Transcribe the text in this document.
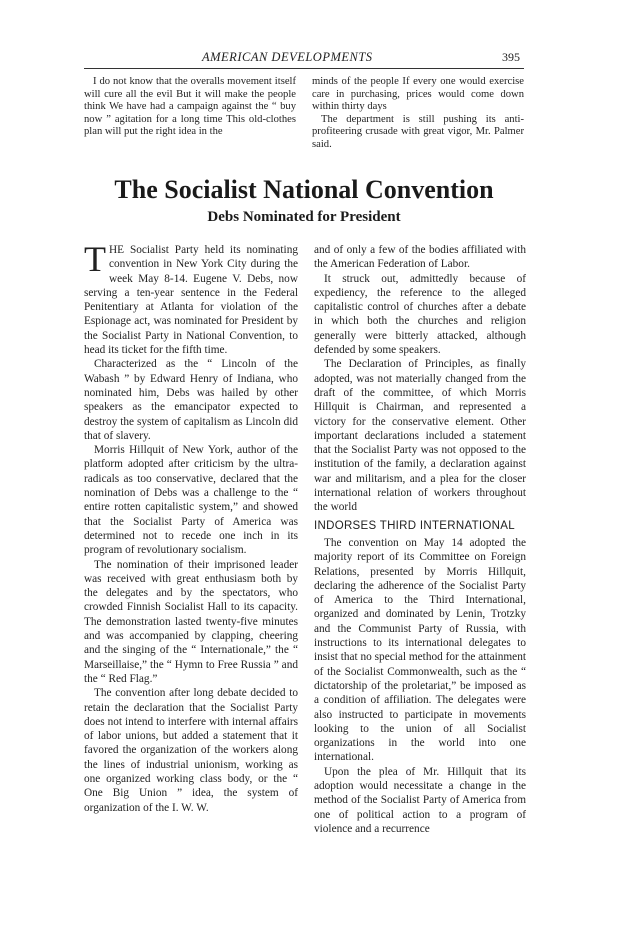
AMERICAN DEVELOPMENTS	395

I do not know that the overalls movement itself will cure all the evil But it will make the people think We have had a campaign against the “ buy now ” agitation for a long time This old-clothes plan will put the right idea in the

minds of the people If every one would exercise care in purchasing, prices would come down within thirty days

The department is still pushing its anti-profiteering crusade with great vigor, Mr. Palmer said.

The Socialist National Convention
Debs Nominated for President

THE Socialist Party held its nominating convention in New York City during the week May 8-14. Eugene V. Debs, now serving a ten-year sentence in the Federal Penitentiary at Atlanta for violation of the Espionage act, was nominated for President by the Socialist Party in National Convention, to head its ticket for the fifth time.

Characterized as the “ Lincoln of the Wabash ” by Edward Henry of Indiana, who nominated him, Debs was hailed by other speakers as the emancipator expected to destroy the system of capitalism as Lincoln did that of slavery.

Morris Hillquit of New York, author of the platform adopted after criticism by the ultra-radicals as too conservative, declared that the nomination of Debs was a challenge to the “ entire rotten capitalistic system,” and showed that the Socialist Party of America was determined not to recede one inch in its program of revolutionary socialism.

The nomination of their imprisoned leader was received with great enthusiasm both by the delegates and by the spectators, who crowded Finnish Socialist Hall to its capacity. The demonstration lasted twenty-five minutes and was accompanied by clapping, cheering and the singing of the “ Internationale,” the “ Marseillaise,” the “ Hymn to Free Russia ” and the “ Red Flag.”

The convention after long debate decided to retain the declaration that the Socialist Party does not intend to interfere with internal affairs of labor unions, but added a statement that it favored the organization of the workers along the lines of industrial unionism, working as one organized working class body, or the “ One Big Union ” idea, the system of organization of the I. W. W.

and of only a few of the bodies affiliated with the American Federation of Labor.

It struck out, admittedly because of expediency, the reference to the alleged capitalistic control of churches after a debate in which both the churches and religion generally were bitterly attacked, although defended by some speakers.

The Declaration of Principles, as finally adopted, was not materially changed from the draft of the committee, of which Morris Hillquit is Chairman, and represented a victory for the conservative element. Other important declarations included a statement that the Socialist Party was not opposed to the institution of the family, a declaration against war and militarism, and a plea for the closer international relation of workers throughout the world

INDORSES THIRD INTERNATIONAL

The convention on May 14 adopted the majority report of its Committee on Foreign Relations, presented by Morris Hillquit, declaring the adherence of the Socialist Party of America to the Third International, organized and dominated by Lenin, Trotzky and the Communist Party of Russia, with instructions to its international delegates to insist that no special method for the attainment of the Socialist Commonwealth, such as the “ dictatorship of the proletariat,” be imposed as a condition of affiliation. The delegates were also instructed to participate in movements looking to the union of all Socialist organizations in the world into one international.

Upon the plea of Mr. Hillquit that its adoption would necessitate a change in the method of the Socialist Party of America from one of political action to a program of violence and a recurrence
